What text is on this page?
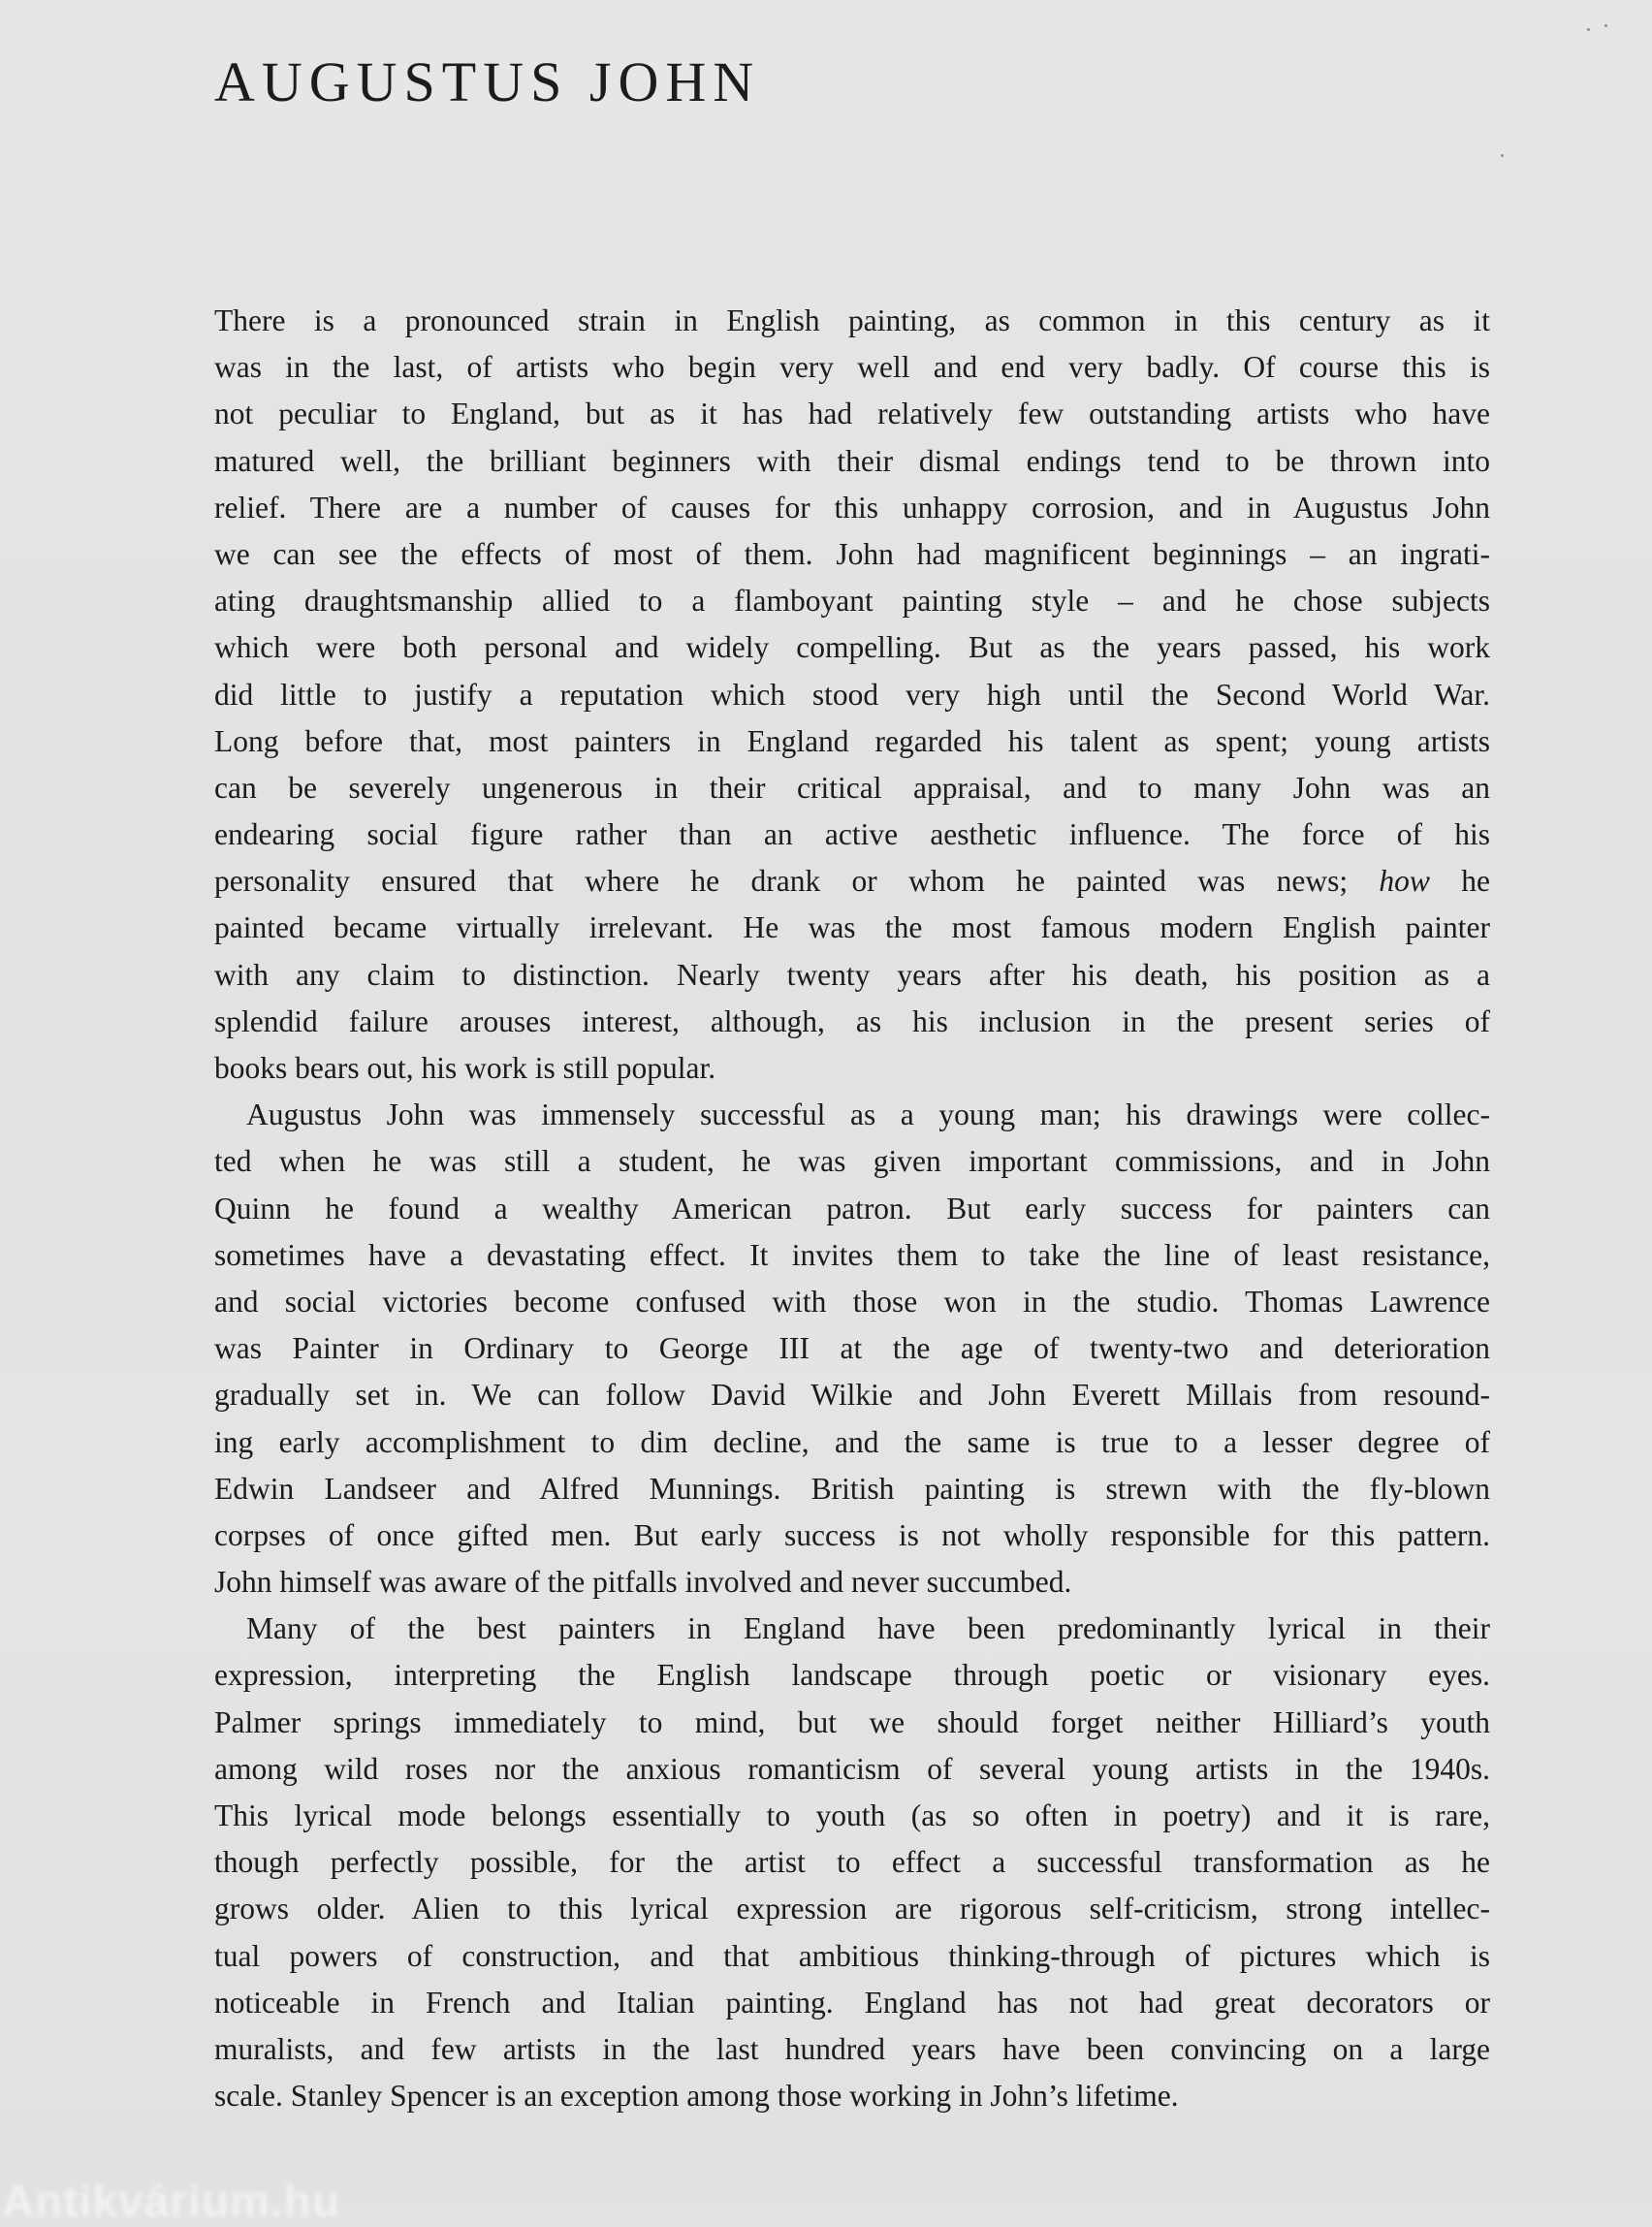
AUGUSTUS JOHN
There is a pronounced strain in English painting, as common in this century as it
was in the last, of artists who begin very well and end very badly. Of course this is
not peculiar to England, but as it has had relatively few outstanding artists who have
matured well, the brilliant beginners with their dismal endings tend to be thrown into
relief. There are a number of causes for this unhappy corrosion, and in Augustus John
we can see the effects of most of them. John had magnificent beginnings – an ingrati-
ating draughtsmanship allied to a flamboyant painting style – and he chose subjects
which were both personal and widely compelling. But as the years passed, his work
did little to justify a reputation which stood very high until the Second World War.
Long before that, most painters in England regarded his talent as spent; young artists
can be severely ungenerous in their critical appraisal, and to many John was an
endearing social figure rather than an active aesthetic influence. The force of his
personality ensured that where he drank or whom he painted was news; how he
painted became virtually irrelevant. He was the most famous modern English painter
with any claim to distinction. Nearly twenty years after his death, his position as a
splendid failure arouses interest, although, as his inclusion in the present series of
books bears out, his work is still popular.
Augustus John was immensely successful as a young man; his drawings were collec-
ted when he was still a student, he was given important commissions, and in John
Quinn he found a wealthy American patron. But early success for painters can
sometimes have a devastating effect. It invites them to take the line of least resistance,
and social victories become confused with those won in the studio. Thomas Lawrence
was Painter in Ordinary to George III at the age of twenty-two and deterioration
gradually set in. We can follow David Wilkie and John Everett Millais from resound-
ing early accomplishment to dim decline, and the same is true to a lesser degree of
Edwin Landseer and Alfred Munnings. British painting is strewn with the fly-blown
corpses of once gifted men. But early success is not wholly responsible for this pattern.
John himself was aware of the pitfalls involved and never succumbed.
Many of the best painters in England have been predominantly lyrical in their
expression, interpreting the English landscape through poetic or visionary eyes.
Palmer springs immediately to mind, but we should forget neither Hilliard’s youth
among wild roses nor the anxious romanticism of several young artists in the 1940s.
This lyrical mode belongs essentially to youth (as so often in poetry) and it is rare,
though perfectly possible, for the artist to effect a successful transformation as he
grows older. Alien to this lyrical expression are rigorous self-criticism, strong intellec-
tual powers of construction, and that ambitious thinking-through of pictures which is
noticeable in French and Italian painting. England has not had great decorators or
muralists, and few artists in the last hundred years have been convincing on a large
scale. Stanley Spencer is an exception among those working in John’s lifetime.
Antikvárium.hu
